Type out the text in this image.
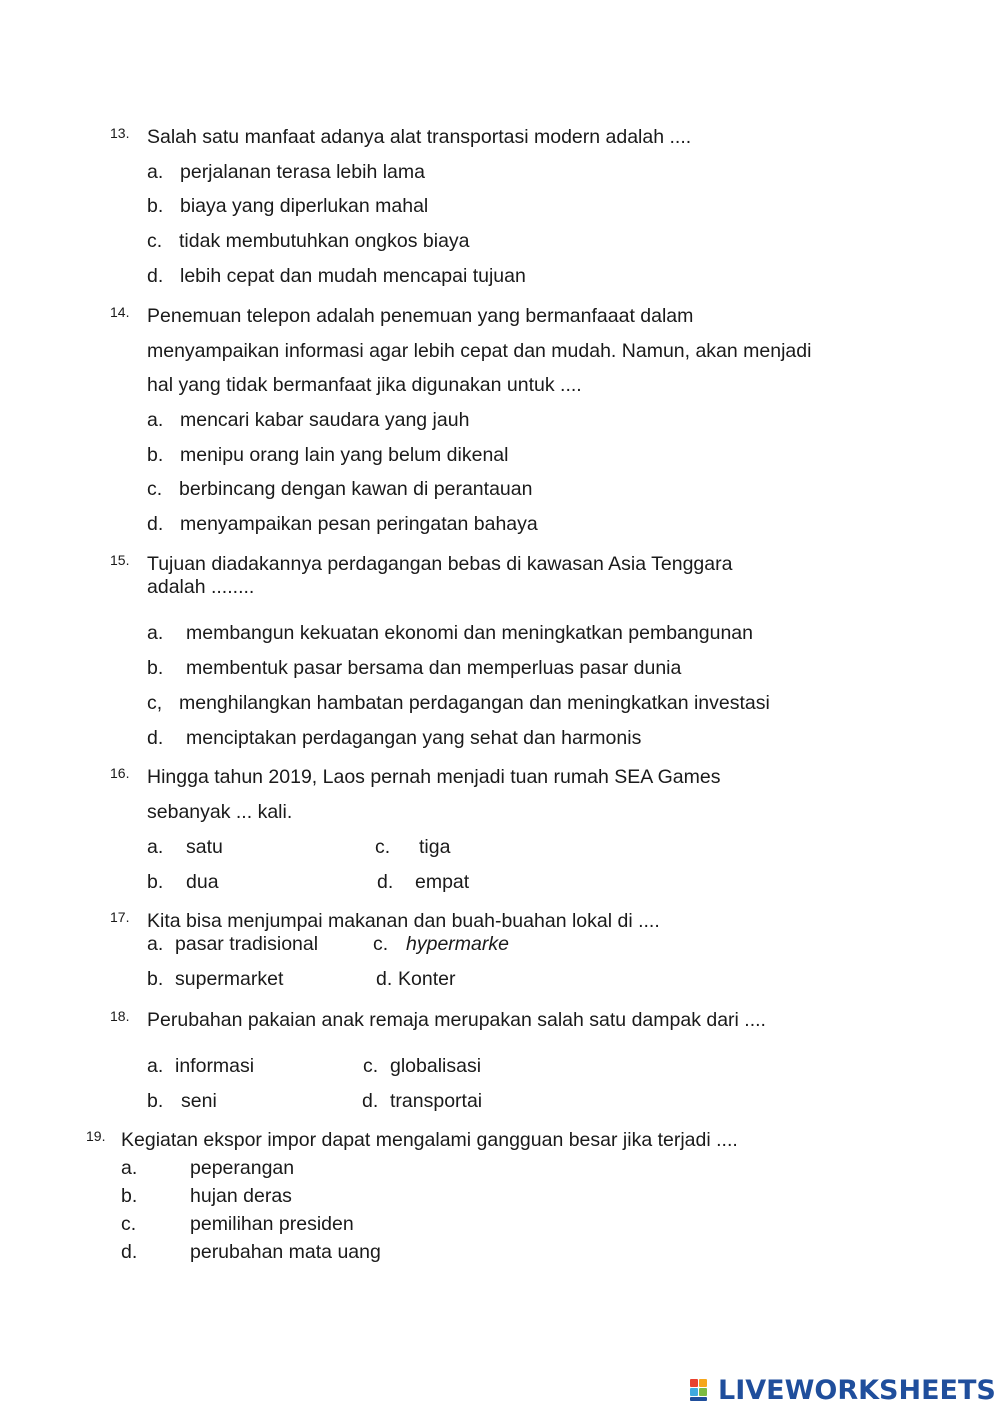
13. Salah satu manfaat adanya alat transportasi modern adalah ....
a. perjalanan terasa lebih lama
b. biaya yang diperlukan mahal
c. tidak membutuhkan ongkos biaya
d. lebih cepat dan mudah mencapai tujuan
14. Penemuan telepon adalah penemuan yang bermanfaaat dalam
menyampaikan informasi agar lebih cepat dan mudah. Namun, akan menjadi
hal yang tidak bermanfaat jika digunakan untuk ....
a. mencari kabar saudara yang jauh
b. menipu orang lain yang belum dikenal
c. berbincang dengan kawan di perantauan
d. menyampaikan pesan peringatan bahaya
15. Tujuan diadakannya perdagangan bebas di kawasan Asia Tenggara
adalah ........
a. membangun kekuatan ekonomi dan meningkatkan pembangunan
b. membentuk pasar bersama dan memperluas pasar dunia
c, menghilangkan hambatan perdagangan dan meningkatkan investasi
d. menciptakan perdagangan yang sehat dan harmonis
16. Hingga tahun 2019, Laos pernah menjadi tuan rumah SEA Games
sebanyak ... kali.
a. satu	c. tiga
b. dua	d. empat
17. Kita bisa menjumpai makanan dan buah-buahan lokal di ....
a. pasar tradisional	c. hypermarke
b. supermarket	d. Konter
18. Perubahan pakaian anak remaja merupakan salah satu dampak dari ....
a. informasi	c. globalisasi
b. seni	d. transportai
19. Kegiatan ekspor impor dapat mengalami gangguan besar jika terjadi ....
a.	peperangan
b.	hujan deras
c.	pemilihan presiden
d.	perubahan mata uang
LIVEWORKSHEETS
